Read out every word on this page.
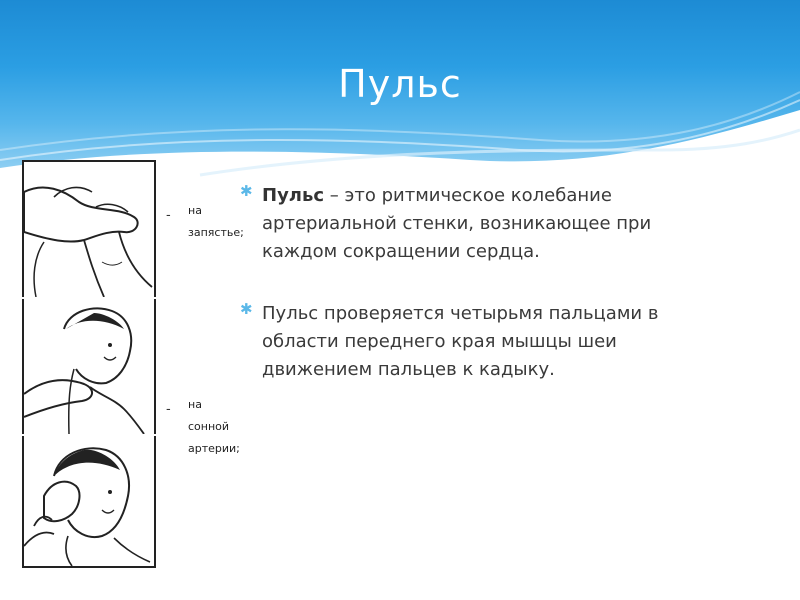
Пульс
- на
запястье;
- на
сонной
артерии;
✱ Пульс – это ритмическое колебание артериальной стенки, возникающее при каждом сокращении сердца.
✱ Пульс проверяется четырьмя пальцами в области переднего края мышцы шеи движением пальцев к кадыку.
